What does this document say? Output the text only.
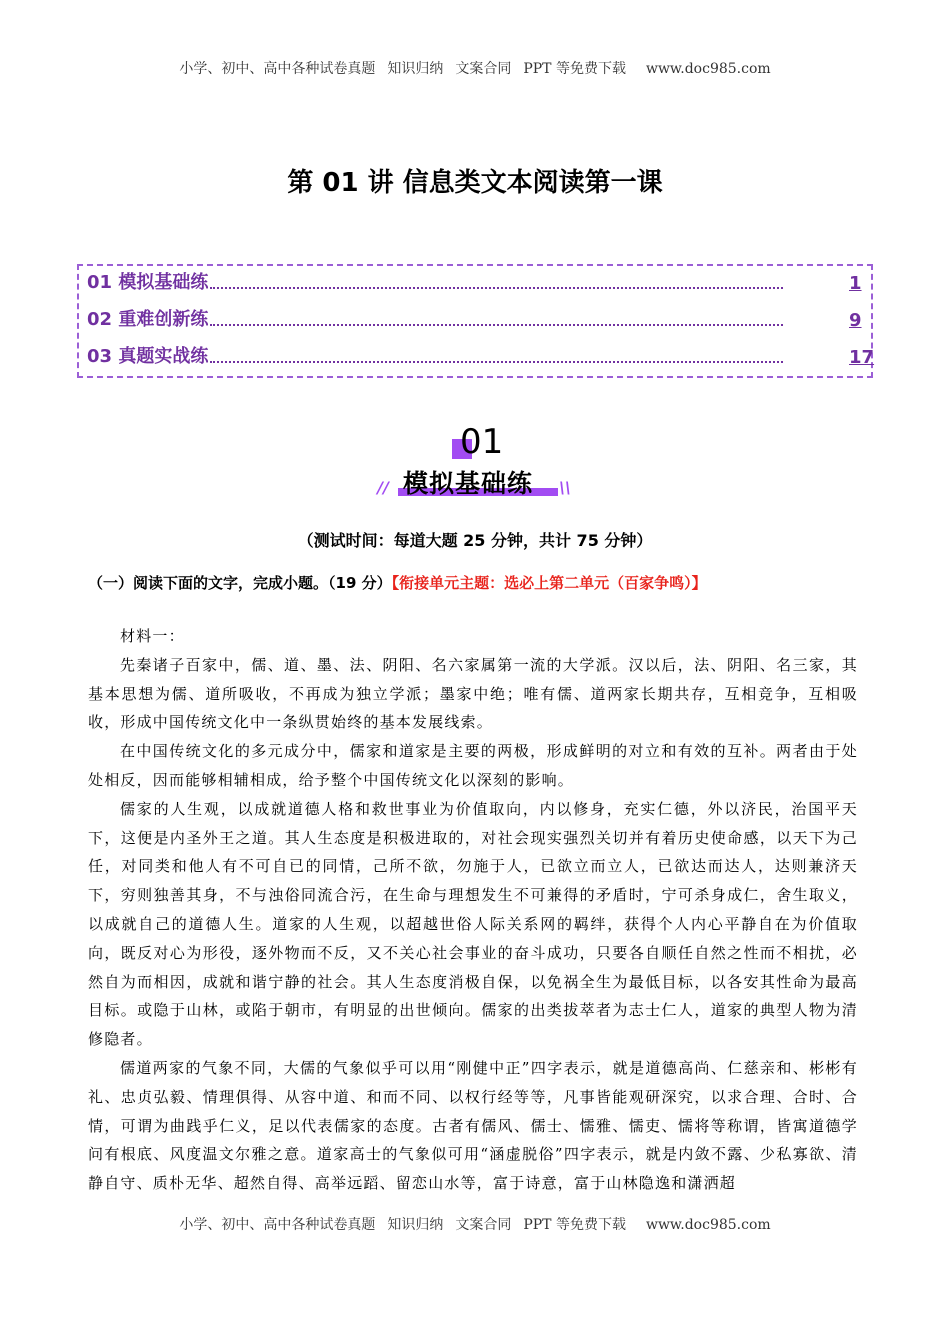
小学、初中、高中各种试卷真题 知识归纳 文案合同 PPT 等免费下载 www.doc985.com
第 01 讲 信息类文本阅读第一课
01 模拟基础练	1
02 重难创新练	9
03 真题实战练	17
01
模拟基础练
//	\\
（测试时间：每道大题 25 分钟，共计 75 分钟）
（一）阅读下面的文字，完成小题。（19 分）【衔接单元主题：选必上第二单元（百家争鸣）】

材料一：

先秦诸子百家中，儒、道、墨、法、阴阳、名六家属第一流的大学派。汉以后，法、阴阳、名三家，其基本思想为儒、道所吸收，不再成为独立学派；墨家中绝；唯有儒、道两家长期共存，互相竞争，互相吸收，形成中国传统文化中一条纵贯始终的基本发展线索。

在中国传统文化的多元成分中，儒家和道家是主要的两极，形成鲜明的对立和有效的互补。两者由于处处相反，因而能够相辅相成，给予整个中国传统文化以深刻的影响。

儒家的人生观，以成就道德人格和救世事业为价值取向，内以修身，充实仁德，外以济民，治国平天下，这便是内圣外王之道。其人生态度是积极进取的，对社会现实强烈关切并有着历史使命感，以天下为己任，对同类和他人有不可自已的同情，己所不欲，勿施于人，已欲立而立人，已欲达而达人，达则兼济天下，穷则独善其身，不与浊俗同流合污，在生命与理想发生不可兼得的矛盾时，宁可杀身成仁，舍生取义，以成就自己的道德人生。道家的人生观，以超越世俗人际关系网的羁绊，获得个人内心平静自在为价值取向，既反对心为形役，逐外物而不反，又不关心社会事业的奋斗成功，只要各自顺任自然之性而不相扰，必然自为而相因，成就和谐宁静的社会。其人生态度消极自保，以免祸全生为最低目标，以各安其性命为最高目标。或隐于山林，或陷于朝市，有明显的出世倾向。儒家的出类拔萃者为志士仁人，道家的典型人物为清修隐者。

儒道两家的气象不同，大儒的气象似乎可以用“刚健中正”四字表示，就是道德高尚、仁慈亲和、彬彬有礼、忠贞弘毅、情理俱得、从容中道、和而不同、以权行经等等，凡事皆能观研深究，以求合理、合时、合情，可谓为曲践乎仁义，足以代表儒家的态度。古者有儒风、儒士、懦雅、懦吏、懦将等称谓，皆寓道德学问有根底、风度温文尔雅之意。道家高士的气象似可用“涵虚脱俗”四字表示，就是内敛不露、少私寡欲、清静自守、质朴无华、超然自得、高举远蹈、留恋山水等，富于诗意，富于山林隐逸和潇洒超

小学、初中、高中各种试卷真题 知识归纳 文案合同 PPT 等免费下载 www.doc985.com
